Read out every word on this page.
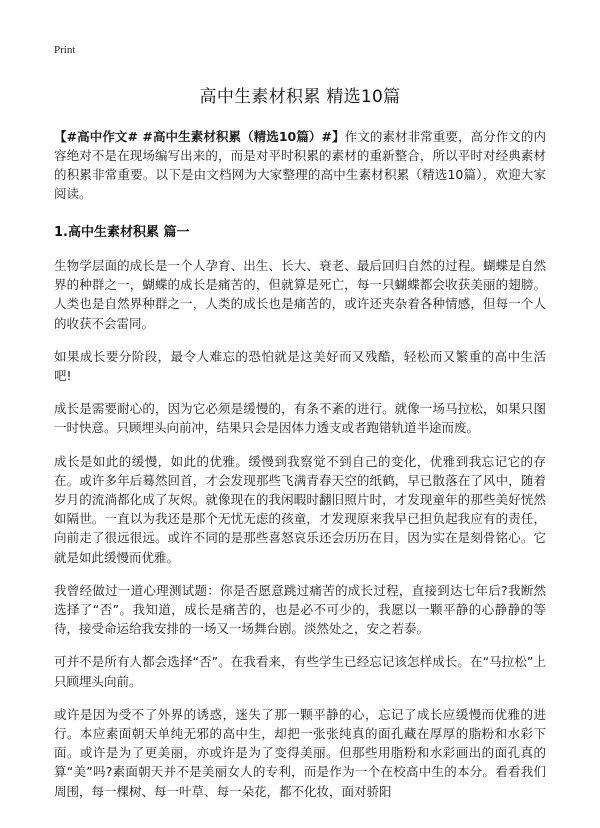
Print
高中生素材积累 精选10篇

【#高中作文# #高中生素材积累（精选10篇）#】作文的素材非常重要，高分作文的内容绝对不是在现场编写出来的，而是对平时积累的素材的重新整合，所以平时对经典素材的积累非常重要。以下是由文档网为大家整理的高中生素材积累（精选10篇），欢迎大家阅读。

1.高中生素材积累 篇一

生物学层面的成长是一个人孕育、出生、长大、衰老、最后回归自然的过程。蝴蝶是自然界的种群之一，蝴蝶的成长是痛苦的，但就算是死亡，每一只蝴蝶都会收获美丽的翅膀。人类也是自然界种群之一，人类的成长也是痛苦的，或许还夹杂着各种情感，但每一个人的收获不会雷同。

如果成长要分阶段，最令人难忘的恐怕就是这美好而又残酷，轻松而又繁重的高中生活吧!

成长是需要耐心的，因为它必须是缓慢的，有条不紊的进行。就像一场马拉松，如果只图一时快意。只顾埋头向前冲，结果只会是因体力透支或者跑错轨道半途而废。

成长是如此的缓慢，如此的优雅。缓慢到我察觉不到自己的变化，优雅到我忘记它的存在。或许多年后蓦然回首，才会发现那些飞满青春天空的纸鹤，早已散落在了风中，随着岁月的流淌都化成了灰烬。就像现在的我闲暇时翻旧照片时，才发现童年的那些美好恍然如隔世。一直以为我还是那个无忧无虑的孩童，才发现原来我早已担负起我应有的责任，向前走了很远很远。或许不同的是那些喜怒哀乐还会历历在目，因为实在是刻骨铭心。它就是如此缓慢而优雅。

我曾经做过一道心理测试题：你是否愿意跳过痛苦的成长过程，直接到达七年后?我断然选择了“否”。我知道，成长是痛苦的，也是必不可少的，我愿以一颗平静的心静静的等待，接受命运给我安排的一场又一场舞台剧。淡然处之，安之若泰。

可并不是所有人都会选择“否”。在我看来，有些学生已经忘记该怎样成长。在“马拉松”上只顾埋头向前。

或许是因为受不了外界的诱惑，迷失了那一颗平静的心，忘记了成长应缓慢而优雅的进行。本应素面朝天单纯无邪的高中生，却把一张张纯真的面孔藏在厚厚的脂粉和水彩下面。或许是为了更美丽，亦或许是为了变得美丽。但那些用脂粉和水彩画出的面孔真的算“美”吗?素面朝天并不是美丽女人的专利，而是作为一个在校高中生的本分。看看我们周围，每一棵树、每一叶草、每一朵花，都不化妆，面对骄阳
